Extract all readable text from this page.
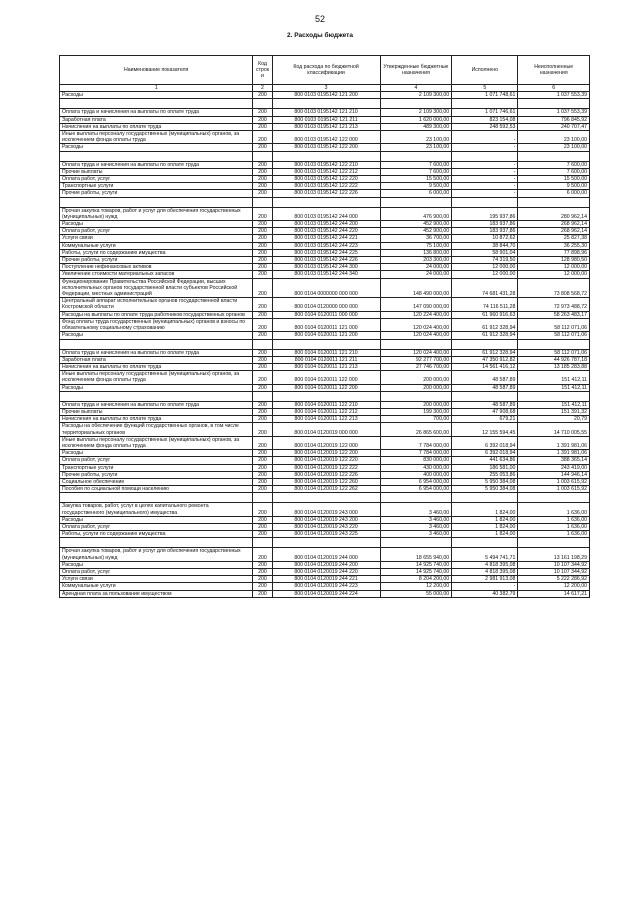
52
2. Расходы бюджета
Наименование показателя	Код строк и	Код расхода по бюджетной классификации	Утвержденные бюджетные назначения	Исполнено	Неисполненные назначения
1	2	3	4	5	6
Расходы	200	800 0103 0195142 121 200	2 109 300,00	1 071 748,61	1 037 553,39

Оплата труда и начисления на выплаты по оплате труда	200	800 0103 0195142 121 210	2 109 300,00	1 071 746,61	1 037 553,39
Заработная плата	200	800 0103 0195142 121 211	1 620 000,00	823 154,08	796 845,92
Начисления на выплаты по оплате труда	200	800 0103 0195142 121 213	489 300,00	248 592,53	240 707,47
Иные выплаты персоналу государственных (муниципальных) органов, за исключением фонда оплаты труда	200	800 0103 0195142 122 000	23 100,00	-	23 100,00
Расходы	200	800 0103 0195142 122 200	23 100,00	-	23 100,00

Оплата труда и начисления на выплаты по оплате труда	200	800 0103 0195142 122 210	7 600,00	-	7 600,00
Прочие выплаты	200	800 0103 0195142 122 212	7 600,00	-	7 600,00
Оплата работ, услуг	200	800 0103 0195142 122 220	15 500,00	-	15 500,00
Транспортные услуги	200	800 0103 0195142 122 222	9 500,00	-	9 500,00
Прочие работы, услуги	200	800 0103 0195142 122 226	6 000,00	-	6 000,00

Прочая закупка товаров, работ и услуг для обеспечения государственных (муниципальных) нужд	200	800 0103 0195142 244 000	476 900,00	195 937,86	280 962,14
Расходы	200	800 0103 0195142 244 200	452 900,00	183 937,86	268 962,14
Оплата работ, услуг	200	800 0103 0195142 244 220	452 900,00	183 937,86	268 962,14
Услуги связи	200	800 0103 0195142 244 221	36 700,00	10 872,62	25 827,38
Коммунальные услуги	200	800 0103 0195142 244 223	75 100,00	38 844,70	36 255,30
Работы, услуги по содержанию имущества	200	800 0103 0195142 244 225	136 800,00	58 901,04	77 898,96
Прочие работы, услуги	200	800 0103 0195142 244 226	203 300,00	74 319,50	128 980,50
Поступление нефинансовых активов	200	800 0103 0195142 244 300	24 000,00	12 000,00	12 000,00
Увеличение стоимости материальных запасов	200	800 0103 0195142 244 340	24 000,00	12 000,00	12 000,00
Функционирование Правительства Российской Федерации, высших исполнительных органов государственной власти субъектов Российской Федерации, местных администраций	200	800 0104 0000000 000 000	148 490 000,00	74 681 431,28	73 808 568,72
Центральный аппарат исполнительных органов государственной власти Костромской области	200	800 0104 0120000 000 000	147 090 000,00	74 116 511,28	72 973 488,72
Расходы на выплаты по оплате труда работников государственных органов	200	800 0104 0120011 000 000	120 224 400,00	61 960 916,63	58 263 483,17
Фонд оплаты труда государственных (муниципальных) органов и взносы по обязательному социальному страхованию	200	800 0104 0120011 121 000	120 024 400,00	61 912 328,94	58 112 071,06
Расходы	200	800 0104 0120011 121 200	120 024 400,00	61 912 328,94	58 112 071,06

Оплата труда и начисления на выплаты по оплате труда	200	800 0104 0120011 121 210	120 024 400,00	61 912 328,94	58 112 071,06
Заработная плата	200	800 0104 0120011 121 211	92 277 700,00	47 350 912,82	44 926 787,18
Начисления на выплаты по оплате труда	200	800 0104 0120011 121 213	27 746 700,00	14 561 416,12	13 185 283,88
Иные выплаты персоналу государственных (муниципальных) органов, за исключением фонда оплаты труда	200	800 0104 0120011 122 000	200 000,00	48 587,89	151 412,11
Расходы	200	800 0104 0120011 122 200	200 000,00	48 587,89	151 412,11

Оплата труда и начисления на выплаты по оплате труда	200	800 0104 0120011 122 210	200 000,00	48 587,89	151 412,11
Прочие выплаты	200	800 0104 0120011 122 212	199 300,00	47 908,68	151 391,32
Начисления на выплаты по оплате труда	200	800 0104 0120011 122 213	700,00	679,21	20,79
Расходы на обеспечение функций государственных органов, в том числе территориальных органов	200	800 0104 0120019 000 000	26 865 600,00	12 155 594,45	14 710 005,55
Иные выплаты персоналу государственных (муниципальных) органов, за исключением фонда оплаты труда	200	800 0104 0120019 122 000	7 784 000,00	6 392 018,94	1 391 981,06
Расходы	200	800 0104 0120019 122 200	7 784 000,00	6 392 018,94	1 391 981,06
Оплата работ, услуг	200	800 0104 0120019 122 220	830 000,00	441 634,86	388 365,14
Транспортные услуги	200	800 0104 0120019 122 222	430 000,00	186 581,00	243 419,00
Прочие работы, услуги	200	800 0104 0120019 122 226	400 000,00	255 053,86	144 946,14
Социальное обеспечение	200	800 0104 0120019 122 260	6 954 000,00	5 950 384,08	1 003 615,92
Пособия по социальной помощи населению	200	800 0104 0120019 122 262	6 954 000,00	5 950 384,08	1 003 615,92

Закупка товаров, работ, услуг в целях капитального ремонта государственного (муниципального) имущества	200	800 0104 0120019 243 000	3 460,00	1 824,00	1 636,00
Расходы	200	800 0104 0120019 243 200	3 460,00	1 824,00	1 636,00
Оплата работ, услуг	200	800 0104 0120019 243 220	3 460,00	1 824,00	1 636,00
Работы, услуги по содержанию имущества	200	800 0104 0120019 243 225	3 460,00	1 824,00	1 636,00

Прочая закупка товаров, работ и услуг для обеспечения государственных (муниципальных) нужд	200	800 0104 0120019 244 000	18 655 940,00	5 494 741,71	13 161 198,29
Расходы	200	800 0104 0120019 244 200	14 925 740,00	4 818 395,08	10 107 344,92
Оплата работ, услуг	200	800 0104 0120019 244 220	14 925 740,00	4 818 395,08	10 107 344,92
Услуги связи	200	800 0104 0120019 244 221	8 204 200,00	2 981 913,08	5 222 286,92
Коммунальные услуги	200	800 0104 0120019 244 223	12 200,00	-	12 200,00
Арендная плата за пользование имуществом	200	800 0104 0120019 244 224	55 000,00	40 382,79	14 617,21
